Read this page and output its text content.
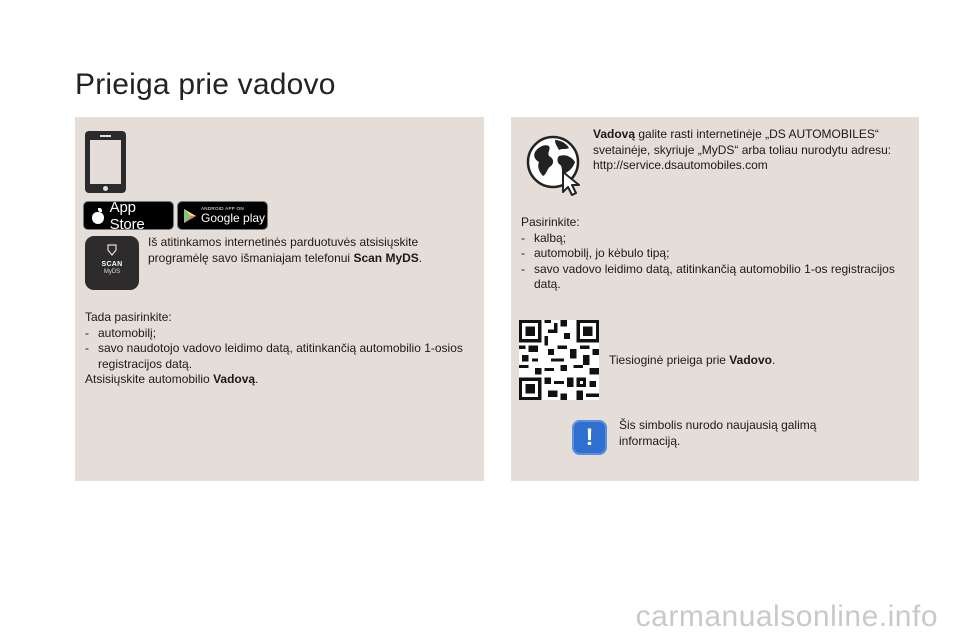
Prieiga prie vadovo
App Store
ANDROID APP ON
Google play
SCAN
MyDS
Iš atitinkamos internetinės parduotuvės atsisiųskite programėlę savo išmaniajam telefonui Scan MyDS.
Tada pasirinkite:
- automobilį;
- savo naudotojo vadovo leidimo datą, atitinkančią automobilio 1-osios registracijos datą.
Atsisiųskite automobilio Vadovą.
Vadovą galite rasti internetinėje „DS AUTOMOBILES“ svetainėje, skyriuje „MyDS“ arba toliau nurodytu adresu:
http://service.dsautomobiles.com
Pasirinkite:
- kalbą;
- automobilį, jo kėbulo tipą;
- savo vadovo leidimo datą, atitinkančią automobilio 1-os registracijos datą.
Tiesioginė prieiga prie Vadovo.
!	Šis simbolis nurodo naujausią galimą informaciją.
carmanualsonline.info
